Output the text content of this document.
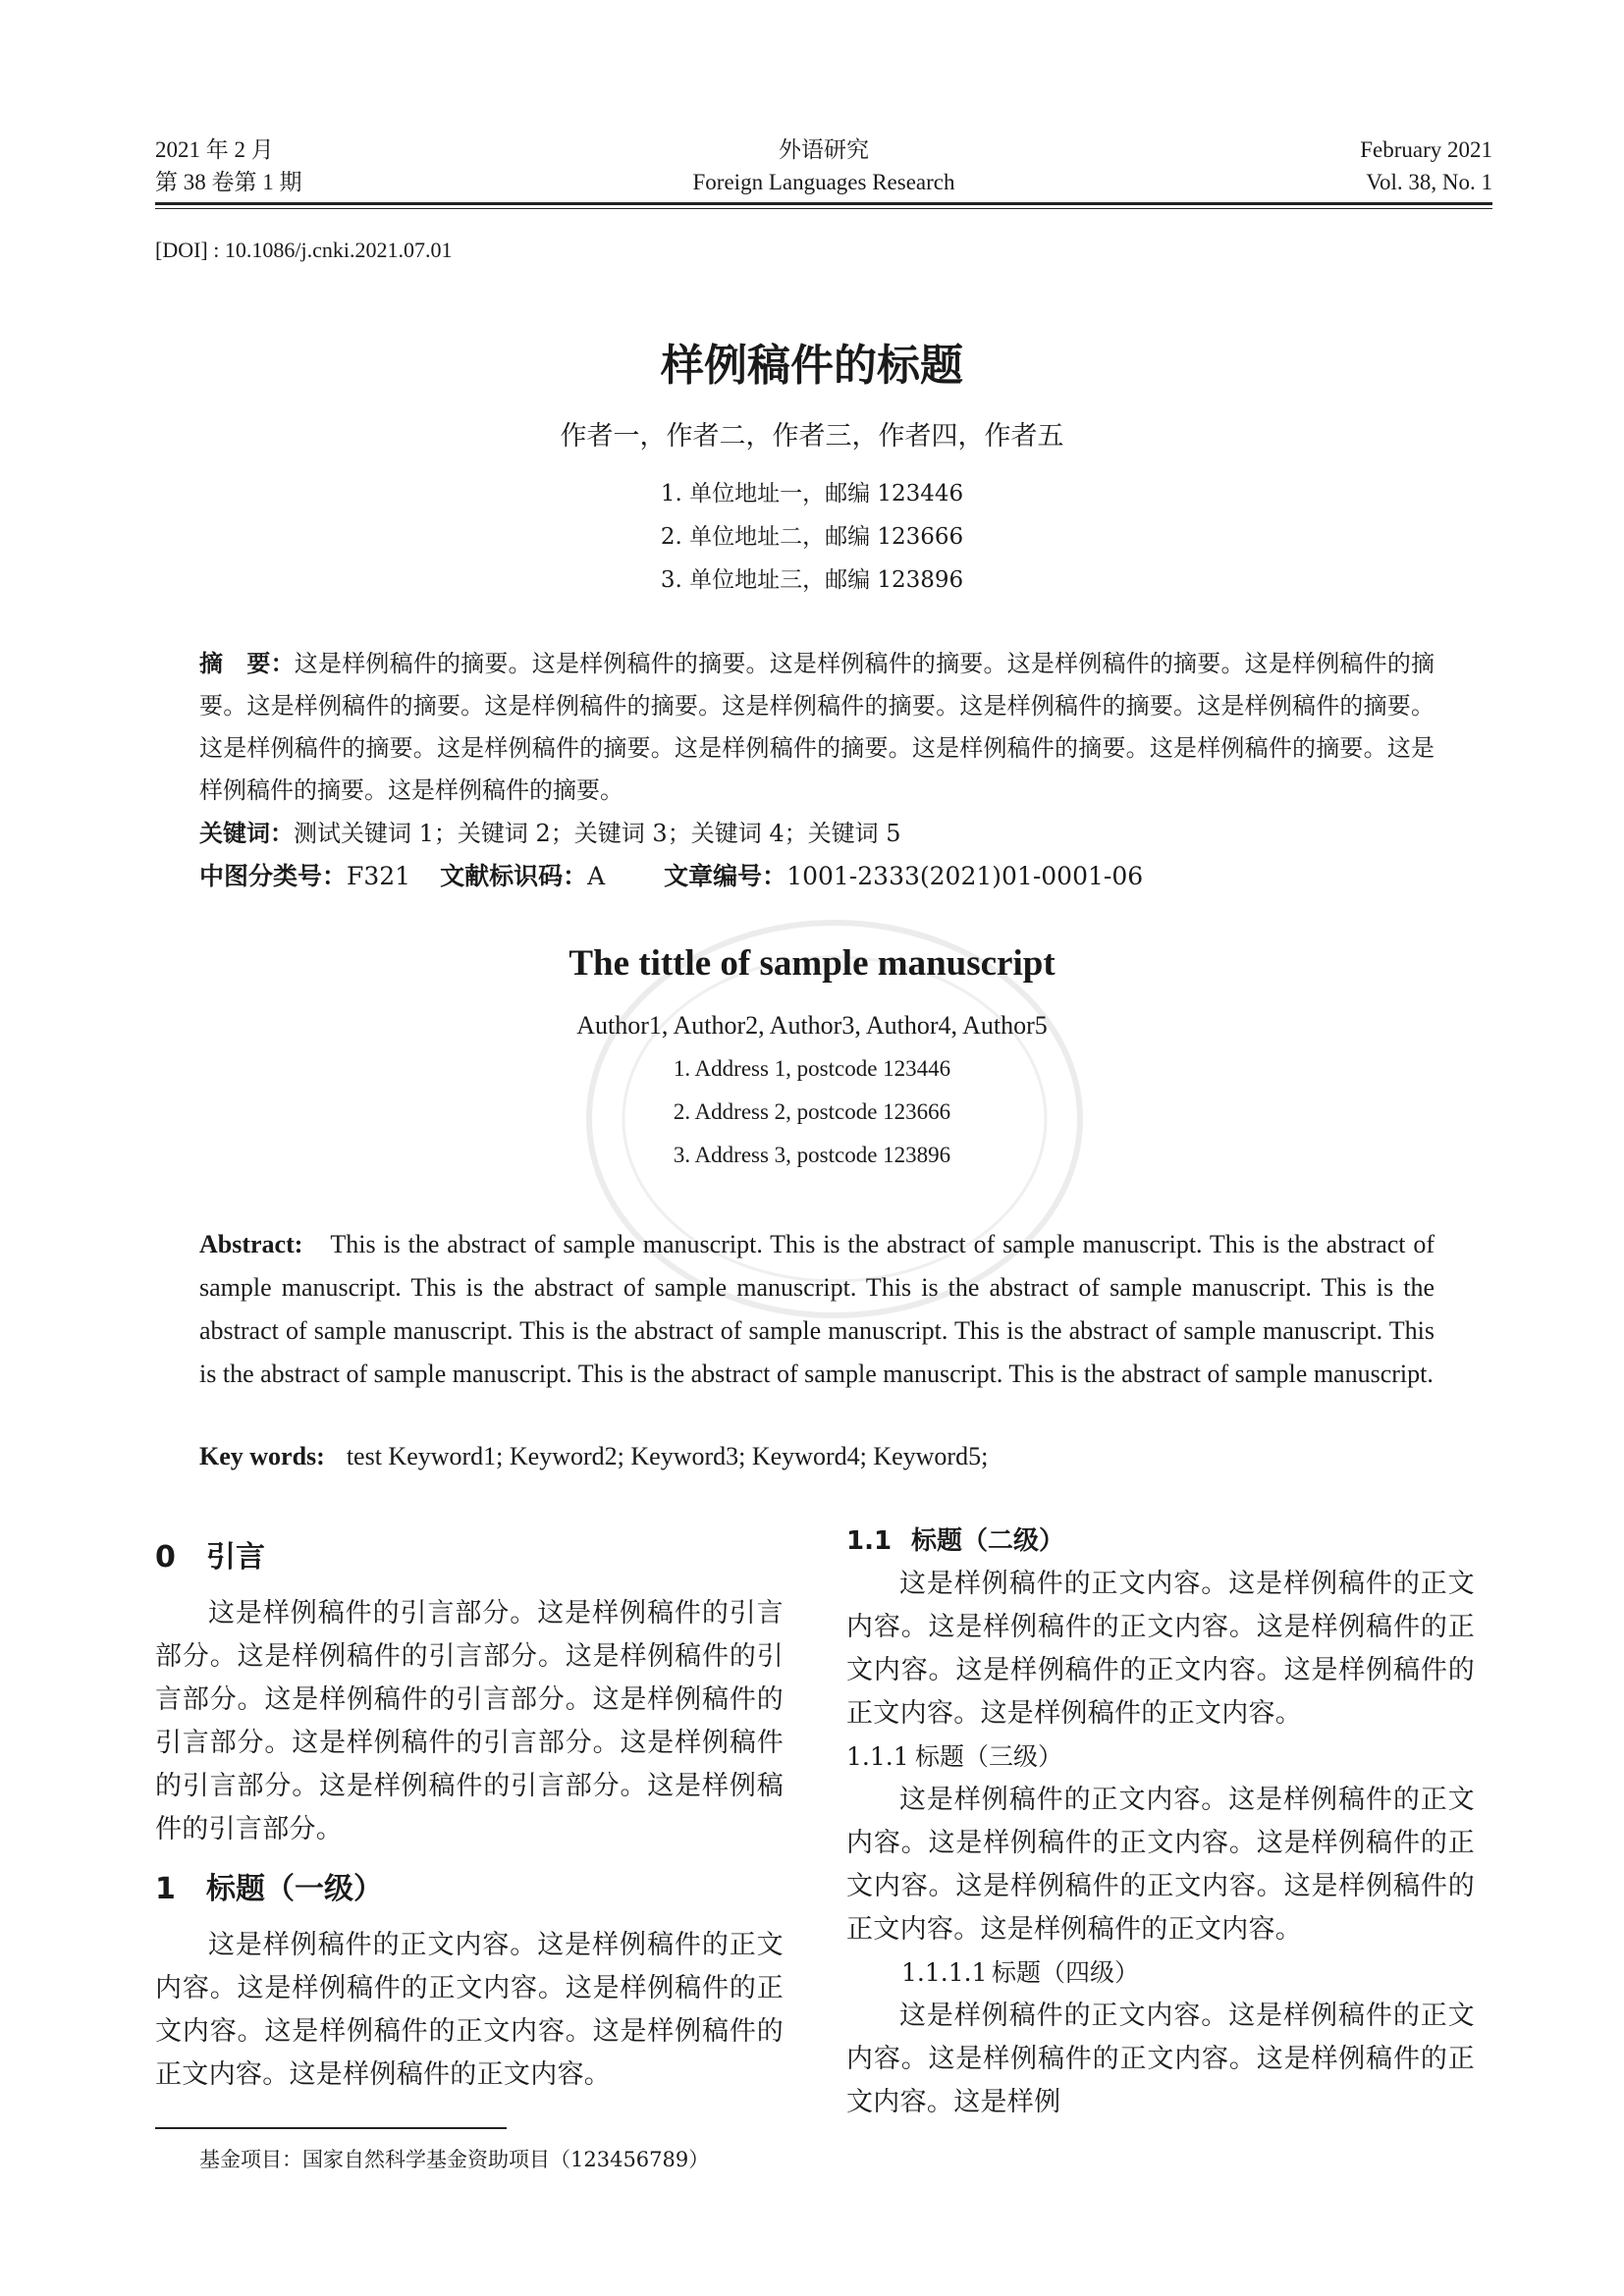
2021 年 2 月
第 38 卷第 1 期
外语研究
Foreign Languages Research
February 2021
Vol. 38, No. 1
[DOI] : 10.1086/j.cnki.2021.07.01
样例稿件的标题
作者一，作者二，作者三，作者四，作者五
1. 单位地址一，邮编 123446
2. 单位地址二，邮编 123666
3. 单位地址三，邮编 123896
摘　要：这是样例稿件的摘要。这是样例稿件的摘要。这是样例稿件的摘要。这是样例稿件的摘要。这是样例稿件的摘要。这是样例稿件的摘要。这是样例稿件的摘要。这是样例稿件的摘要。这是样例稿件的摘要。这是样例稿件的摘要。这是样例稿件的摘要。这是样例稿件的摘要。这是样例稿件的摘要。这是样例稿件的摘要。这是样例稿件的摘要。这是样例稿件的摘要。这是样例稿件的摘要。
关键词：测试关键词 1；关键词 2；关键词 3；关键词 4；关键词 5
中图分类号：F321 文献标识码：A 文章编号：1001-2333(2021)01-0001-06
The tittle of sample manuscript
Author1, Author2, Author3, Author4, Author5
1. Address 1, postcode 123446
2. Address 2, postcode 123666
3. Address 3, postcode 123896
Abstract: This is the abstract of sample manuscript. This is the abstract of sample manuscript. This is the abstract of sample manuscript. This is the abstract of sample manuscript. This is the abstract of sample manuscript. This is the abstract of sample manuscript. This is the abstract of sample manuscript. This is the abstract of sample manuscript. This is the abstract of sample manuscript. This is the abstract of sample manuscript. This is the abstract of sample manuscript.
Key words: test Keyword1; Keyword2; Keyword3; Keyword4; Keyword5;
0 引言

这是样例稿件的引言部分。这是样例稿件的引言部分。这是样例稿件的引言部分。这是样例稿件的引言部分。这是样例稿件的引言部分。这是样例稿件的引言部分。这是样例稿件的引言部分。这是样例稿件的引言部分。这是样例稿件的引言部分。这是样例稿件的引言部分。

1 标题（一级）

这是样例稿件的正文内容。这是样例稿件的正文内容。这是样例稿件的正文内容。这是样例稿件的正文内容。这是样例稿件的正文内容。这是样例稿件的正文内容。这是样例稿件的正文内容。

1.1 标题（二级）

这是样例稿件的正文内容。这是样例稿件的正文内容。这是样例稿件的正文内容。这是样例稿件的正文内容。这是样例稿件的正文内容。这是样例稿件的正文内容。这是样例稿件的正文内容。

1.1.1 标题（三级）

这是样例稿件的正文内容。这是样例稿件的正文内容。这是样例稿件的正文内容。这是样例稿件的正文内容。这是样例稿件的正文内容。这是样例稿件的正文内容。这是样例稿件的正文内容。

1.1.1.1 标题（四级）

这是样例稿件的正文内容。这是样例稿件的正文内容。这是样例稿件的正文内容。这是样例稿件的正文内容。这是样例

基金项目：国家自然科学基金资助项目（123456789）
